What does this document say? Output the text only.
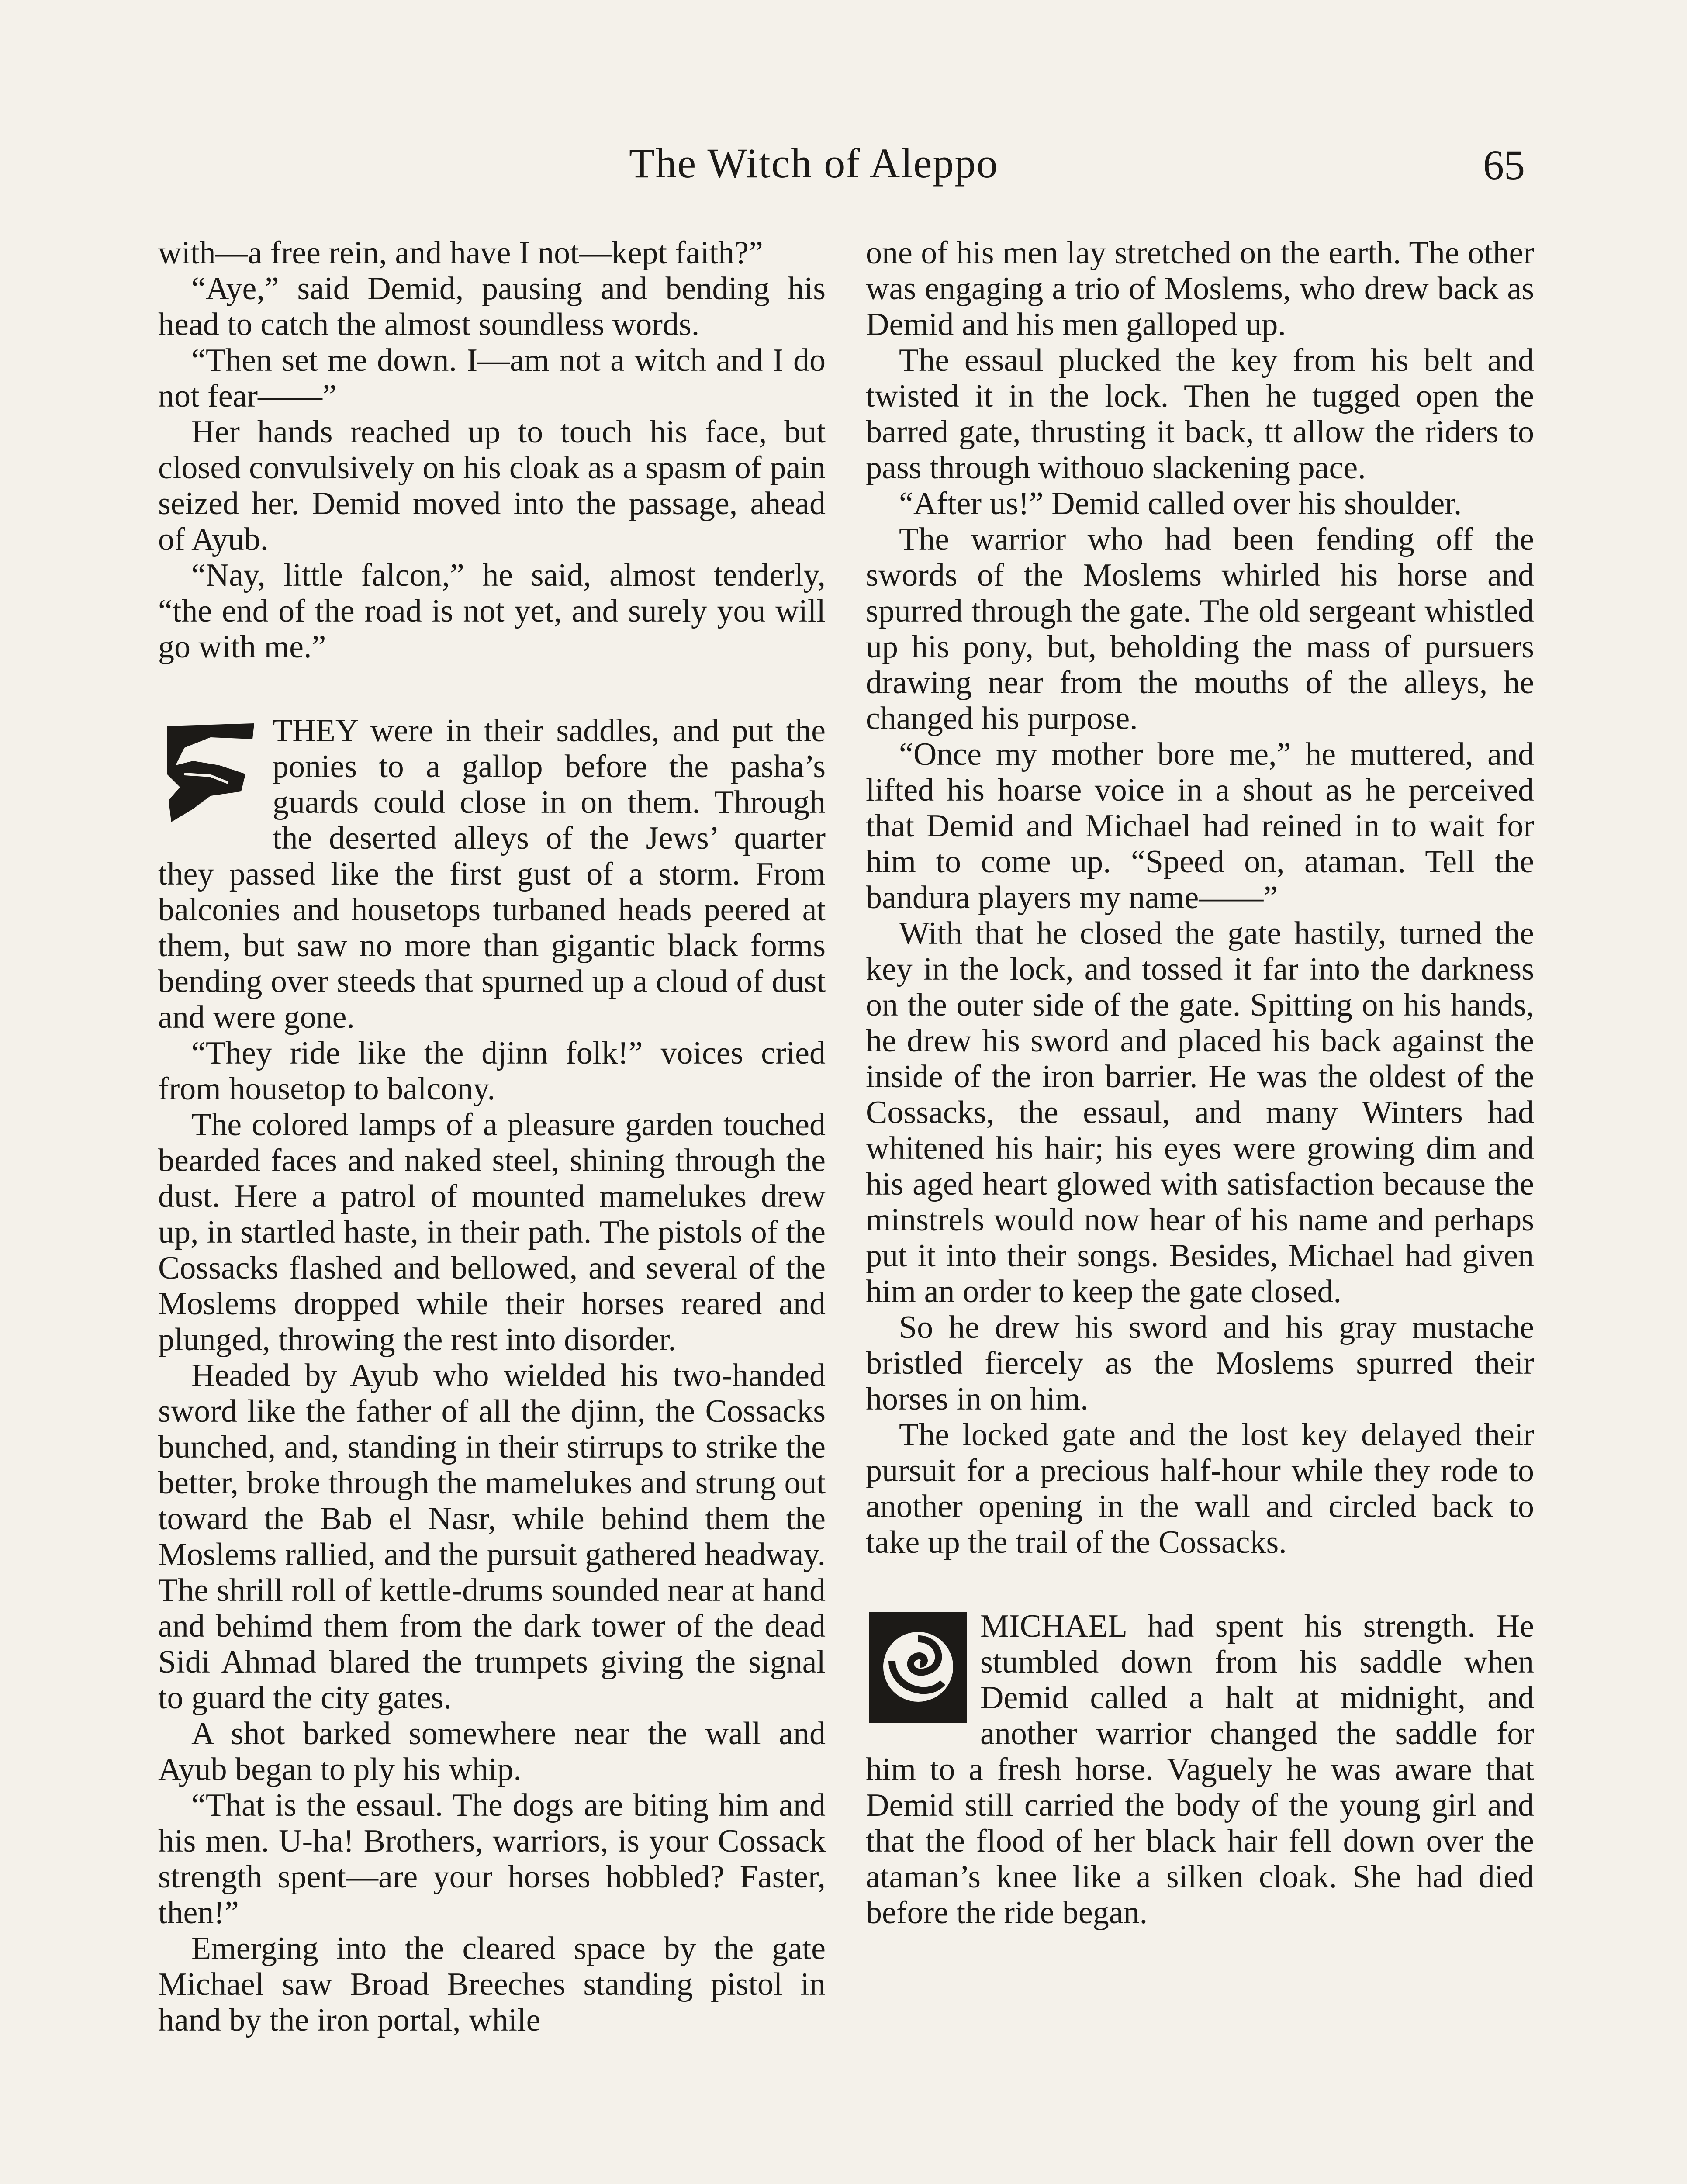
The Witch of Aleppo	65

with—a free rein, and have I not—kept faith?”

“Aye,” said Demid, pausing and bending his head to catch the almost soundless words.

“Then set me down. I—am not a witch and I do not fear——”

Her hands reached up to touch his face, but closed convulsively on his cloak as a spasm of pain seized her. Demid moved into the passage, ahead of Ayub.

“Nay, little falcon,” he said, almost tenderly, “the end of the road is not yet, and surely you will go with me.”

THEY were in their saddles, and put the ponies to a gallop before the pasha’s guards could close in on them. Through the deserted alleys of the Jews’ quarter they passed like the first gust of a storm. From balconies and housetops turbaned heads peered at them, but saw no more than gigantic black forms bending over steeds that spurned up a cloud of dust and were gone.

“They ride like the djinn folk!” voices cried from housetop to balcony.

The colored lamps of a pleasure garden touched bearded faces and naked steel, shining through the dust. Here a patrol of mounted mamelukes drew up, in startled haste, in their path. The pistols of the Cossacks flashed and bellowed, and several of the Moslems dropped while their horses reared and plunged, throwing the rest into disorder.

Headed by Ayub who wielded his two-handed sword like the father of all the djinn, the Cossacks bunched, and, standing in their stirrups to strike the better, broke through the mamelukes and strung out toward the Bab el Nasr, while behind them the Moslems rallied, and the pursuit gathered headway. The shrill roll of kettle-drums sounded near at hand and behimd them from the dark tower of the dead Sidi Ahmad blared the trumpets giving the signal to guard the city gates.

A shot barked somewhere near the wall and Ayub began to ply his whip.

“That is the essaul. The dogs are biting him and his men. U-ha! Brothers, warriors, is your Cossack strength spent—are your horses hobbled? Faster, then!”

Emerging into the cleared space by the gate Michael saw Broad Breeches standing pistol in hand by the iron portal, while

one of his men lay stretched on the earth. The other was engaging a trio of Moslems, who drew back as Demid and his men galloped up.

The essaul plucked the key from his belt and twisted it in the lock. Then he tugged open the barred gate, thrusting it back, tt allow the riders to pass through withouo slackening pace.

“After us!” Demid called over his shoulder.

The warrior who had been fending off the swords of the Moslems whirled his horse and spurred through the gate. The old sergeant whistled up his pony, but, beholding the mass of pursuers drawing near from the mouths of the alleys, he changed his purpose.

“Once my mother bore me,” he muttered, and lifted his hoarse voice in a shout as he perceived that Demid and Michael had reined in to wait for him to come up. “Speed on, ataman. Tell the bandura players my name——”

With that he closed the gate hastily, turned the key in the lock, and tossed it far into the darkness on the outer side of the gate. Spitting on his hands, he drew his sword and placed his back against the inside of the iron barrier. He was the oldest of the Cossacks, the essaul, and many Winters had whitened his hair; his eyes were growing dim and his aged heart glowed with satisfaction because the minstrels would now hear of his name and perhaps put it into their songs. Besides, Michael had given him an order to keep the gate closed.

So he drew his sword and his gray mustache bristled fiercely as the Moslems spurred their horses in on him.

The locked gate and the lost key delayed their pursuit for a precious half-hour while they rode to another opening in the wall and circled back to take up the trail of the Cossacks.

MICHAEL had spent his strength. He stumbled down from his saddle when Demid called a halt at midnight, and another warrior changed the saddle for him to a fresh horse. Vaguely he was aware that Demid still carried the body of the young girl and that the flood of her black hair fell down over the ataman’s knee like a silken cloak. She had died before the ride began.
